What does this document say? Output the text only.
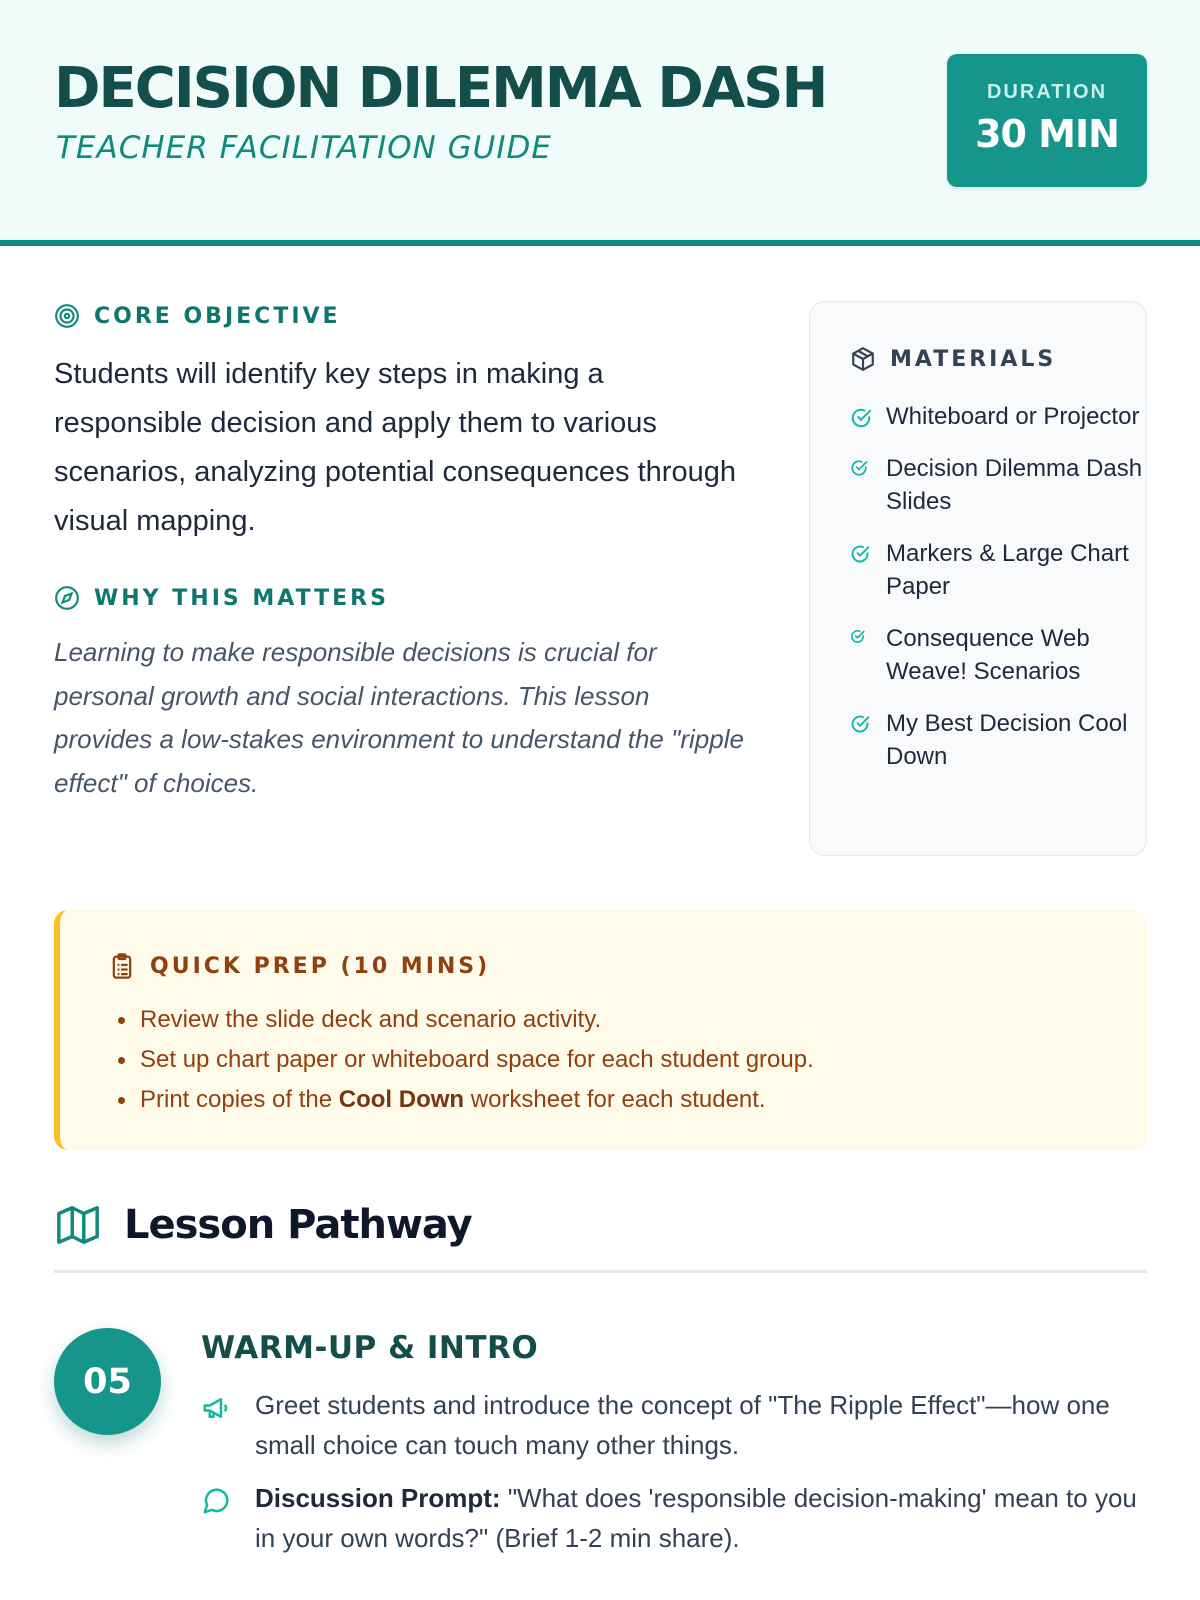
DECISION DILEMMA DASH
TEACHER FACILITATION GUIDE
DURATION
30 MIN
CORE OBJECTIVE

Students will identify key steps in making a responsible decision and apply them to various scenarios, analyzing potential consequences through visual mapping.

WHY THIS MATTERS

Learning to make responsible decisions is crucial for personal growth and social interactions. This lesson provides a low-stakes environment to understand the "ripple effect" of choices.

MATERIALS
Whiteboard or Projector
Decision Dilemma Dash Slides
Markers & Large Chart Paper
Consequence Web Weave! Scenarios
My Best Decision Cool Down
QUICK PREP (10 MINS)
Review the slide deck and scenario activity.
Set up chart paper or whiteboard space for each student group.
Print copies of the Cool Down worksheet for each student.
Lesson Pathway
05
WARM-UP & INTRO
Greet students and introduce the concept of "The Ripple Effect"—how one small choice can touch many other things.
Discussion Prompt: "What does 'responsible decision-making' mean to you in your own words?" (Brief 1-2 min share).
